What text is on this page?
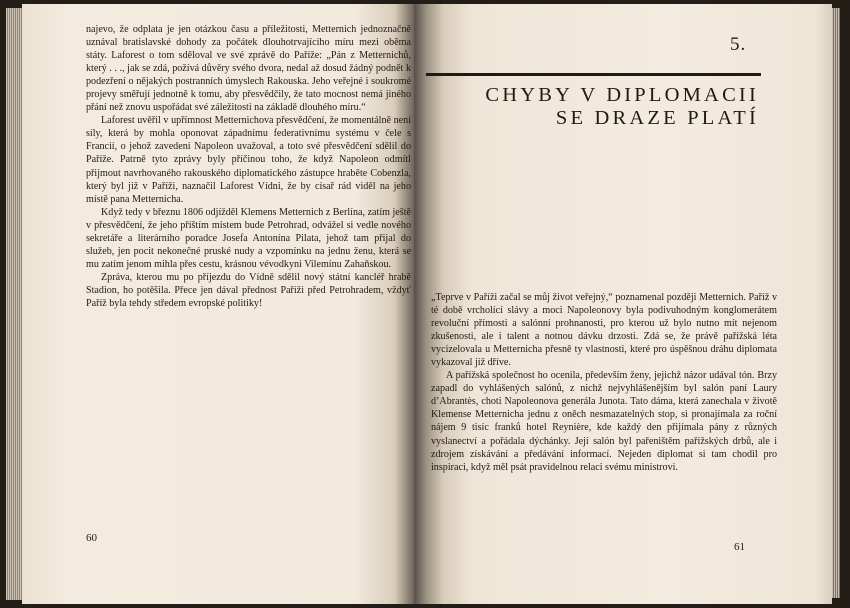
najevo, že odplata je jen otázkou času a příležitosti, Metternich jednoznačně uznával bratislavské dohody za počátek dlouhotrvajícího míru mezi oběma státy. Laforest o tom sděloval ve své zprávě do Paříže: „Pán z Metternichů, který . . ., jak se zdá, požívá důvěry svého dvora, nedal až dosud žádný podnět k podezření o nějakých postranních úmyslech Rakouska. Jeho veřejné i soukromé projevy směřují jednotně k tomu, aby přesvědčily, že tato mocnost nemá jiného přání než znovu uspořádat své záležitosti na základě dlouhého míru.“

Laforest uvěřil v upřímnost Metternichova přesvědčení, že momentálně není síly, která by mohla oponovat západnímu federativnímu systému v čele s Francií, o jehož zavedení Napoleon uvažoval, a toto své přesvědčení sdělil do Paříže. Patrně tyto zprávy byly příčinou toho, že když Napoleon odmítl přijmout navrhovaného rakouského diplomatického zástupce hraběte Cobenzla, který byl již v Paříži, naznačil Laforest Vídni, že by císař rád viděl na jeho místě pana Metternicha.

Když tedy v březnu 1806 odjížděl Klemens Metternich z Berlína, zatím ještě v přesvědčení, že jeho příštím místem bude Petrohrad, odvážel si vedle nového sekretáře a literárního poradce Josefa Antonína Pilata, jehož tam přijal do služeb, jen pocit nekonečné pruské nudy a vzpomínku na jednu ženu, která se mu zatím jenom mihla přes cestu, krásnou vévodkyni Vilemínu Zahaňskou.

Zpráva, kterou mu po příjezdu do Vídně sdělil nový státní kancléř hrabě Stadion, ho potěšila. Přece jen dával přednost Paříži před Petrohradem, vždyť Paříž byla tehdy středem evropské politiky!

60
5.
CHYBY V DIPLOMACII
SE DRAZE PLATÍ

„Teprve v Paříži začal se můj život veřejný,“ poznamenal později Metternich. Paříž v té době vrcholící slávy a moci Napoleonovy byla podivuhodným konglomerátem revoluční přímosti a salónní prohnanosti, pro kterou už bylo nutno mít nejenom zkušenosti, ale i talent a notnou dávku drzosti. Zdá se, že právě pařížská léta vycizelovala u Metternicha přesně ty vlastnosti, které pro úspěšnou dráhu diplomata vykazoval již dříve.

A pařížská společnost ho ocenila, především ženy, jejichž názor udával tón. Brzy zapadl do vyhlášených salónů, z nichž nejvyhlášenějším byl salón paní Laury d’Abrantès, choti Napoleonova generála Junota. Tato dáma, která zanechala v životě Klemense Metternicha jednu z oněch nesmazatelných stop, si pronajímala za roční nájem 9 tisíc franků hotel Reynière, kde každý den přijímala pány z různých vyslanectví a pořádala dýchánky. Její salón byl pařeništěm pařížských drbů, ale i zdrojem získávání a předávání informací. Nejeden diplomat si tam chodil pro inspiraci, když měl psát pravidelnou relaci svému ministrovi.

61
